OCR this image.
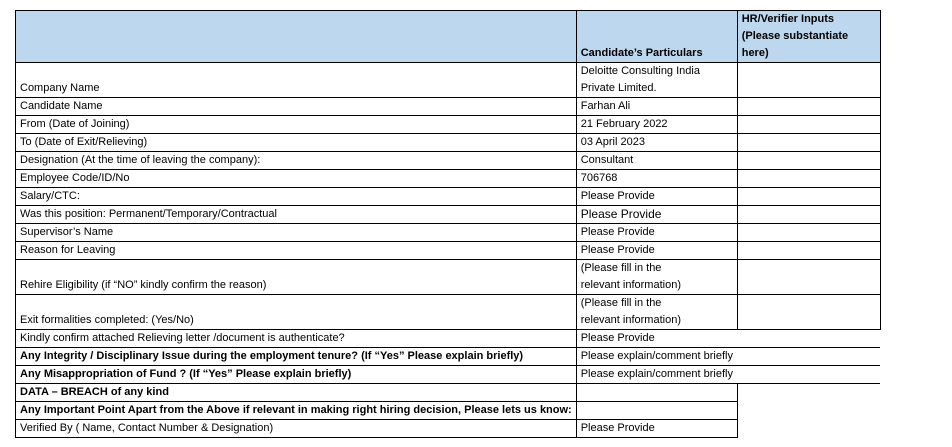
	Candidate’s Particulars	HR/Verifier Inputs
(Please substantiate
here)

Company Name	Deloitte Consulting India
Private Limited.	

Candidate Name	Farhan Ali	
From (Date of Joining)	21 February 2022	
To (Date of Exit/Relieving)	03 April 2023	
Designation (At the time of leaving the company):	Consultant	
Employee Code/ID/No	706768	
Salary/CTC:	Please Provide	
Was this position: Permanent/Temporary/Contractual	Please Provide	
Supervisor’s Name	Please Provide	
Reason for Leaving	Please Provide	
Rehire Eligibility (if “NO” kindly confirm the reason)	(Please fill in the
relevant information)	

Exit formalities completed: (Yes/No)	(Please fill in the
relevant information)	

Kindly confirm attached Relieving letter /document is authenticate?	Please Provide	
Any Integrity / Disciplinary Issue during the employment tenure? (If “Yes” Please explain briefly)	Please explain/comment briefly	
Any Misappropriation of Fund ? (If “Yes” Please explain briefly)	Please explain/comment briefly	
DATA – BREACH of any kind		
Any Important Point Apart from the Above if relevant in making right hiring decision, Please lets us know:		
Verified By ( Name, Contact Number & Designation)	Please Provide	
